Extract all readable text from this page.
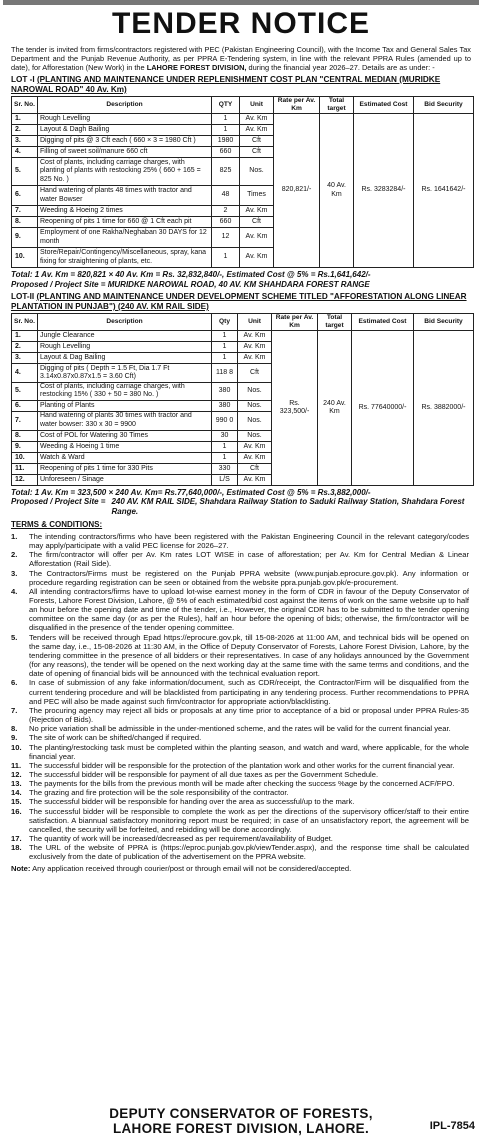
TENDER NOTICE

The tender is invited from firms/contractors registered with PEC (Pakistan Engineering Council), with the Income Tax and General Sales Tax Department and the Punjab Revenue Authority, as per PPRA E-Tendering system, in line with the relevant PPRA Rules (amended up to date), for Afforestation (New Work) in the LAHORE FOREST DIVISION, during the financial year 2026–27. Details are as under: -

LOT -I (PLANTING AND MAINTENANCE UNDER REPLENISHMENT COST PLAN "CENTRAL MEDIAN (MURIDKE NAROWAL ROAD" 40 Av. Km)
Sr. No.	Description	QTY	Unit	Rate per Av. Km	Total target	Estimated Cost	Bid Security
1.	Rough Levelling	1	Av. Km	820,821/-	40 Av. Km	Rs. 3283284/-	Rs. 1641642/-
2.	Layout & Dagh Bailing	1	Av. Km				
3.	Digging of pits @ 3 Cft each ( 660 × 3 = 1980 Cft )	1980	Cft				
4.	Filling of sweet soil/manure 660 cft	660	Cft				
5.	Cost of plants, including carriage charges, with planting of plants with restocking 25% ( 660 + 165 = 825 No. )	825	Nos.				
6.	Hand watering of plants 48 times with tractor and water Bowser	48	Times				
7.	Weeding & Hoeing 2 times	2	Av. Km				
8.	Reopening of pits 1 time for 660 @ 1 Cft each pit	660	Cft				
9.	Employment of one Rakha/Neghaban 30 DAYS for 12 month	12	Av. Km				
10.	Store/Repair/Contingency/Miscellaneous, spray, kana fixing for straightening of plants, etc.	1	Av. Km				
Total: 1 Av. Km = 820,821 × 40 Av. Km = Rs. 32,832,840/-, Estimated Cost @ 5% = Rs.1,641,642/-
Proposed / Project Site = MURIDKE NAROWAL ROAD, 40 AV. KM SHAHDARA FOREST RANGE
LOT-II (PLANTING AND MAINTENANCE UNDER DEVELOPMENT SCHEME TITLED "AFFORESTATION ALONG LINEAR PLANTATION IN PUNJAB") (240 AV. KM RAIL SIDE)
Sr. No.	Description	Qty	Unit	Rate per Av. Km	Total target	Estimated Cost	Bid Security
1.	Jungle Clearance	1	Av. Km	Rs. 323,500/-	240 Av. Km	Rs. 77640000/-	Rs. 3882000/-
2.	Rough Levelling	1	Av. Km				
3.	Layout & Dag Bailing	1	Av. Km				
4.	Digging of pits ( Depth = 1.5 Ft, Dia 1.7 Ft 3.14x0.87x0.87x1.5 = 3.60 Cft)	118 8	Cft				
5.	Cost of plants, including carriage charges, with restocking 15% ( 330 + 50 = 380 No. )	380	Nos.				
6.	Planting of Plants	380	Nos.				
7.	Hand watering of plants 30 times with tractor and water bowser: 330 x 30 = 9900	990 0	Nos.				
8.	Cost of POL for Watering 30 Times	30	Nos.				
9.	Weeding & Hoeing 1 time	1	Av. Km				
10.	Watch & Ward	1	Av. Km				
11.	Reopening of pits 1 time for 330 Pits	330	Cft				
12.	Unforeseen / Sinage	L/S	Av. Km				
Total: 1 Av. Km = 323,500 × 240 Av. Km= Rs.77,640,000/-, Estimated Cost @ 5% = Rs.3,882,000/-
Proposed / Project Site = 240 AV. KM RAIL SIDE, Shahdara Railway Station to Saduki Railway Station, Shahdara Forest Range.
TERMS & CONDITIONS:
1.	The intending contractors/firms who have been registered with the Pakistan Engineering Council in the relevant category/codes may apply/participate with a valid PEC license for 2026–27.
2.	The firm/contractor will offer per Av. Km rates LOT WISE in case of afforestation; per Av. Km for Central Median & Linear Afforestation (Rail Side).
3.	The Contractors/Firms must be registered on the Punjab PPRA website (www.punjab.eprocure.gov.pk). Any information or procedure regarding registration can be seen or obtained from the website ppra.punjab.gov.pk/e-procurement.
4.	All intending contractors/firms have to upload lot-wise earnest money in the form of CDR in favour of the Deputy Conservator of Forests, Lahore Forest Division, Lahore, @ 5% of each estimated/bid cost against the items of work on the same website up to half an hour before the opening date and time of the tender, i.e., However, the original CDR has to be submitted to the tender opening committee on the same day (or as per the Rules), half an hour before the opening of bids; otherwise, the firm/contractor will be disqualified in the presence of the tender opening committee.
5.	Tenders will be received through Epad https://eprocure.gov.pk, till 15-08-2026 at 11:00 AM, and technical bids will be opened on the same day, i.e., 15-08-2026 at 11:30 AM, in the Office of Deputy Conservator of Forests, Lahore Forest Division, Lahore, by the tendering committee in the presence of all bidders or their representatives. In case of any holidays announced by the Government (for any reasons), the tender will be opened on the next working day at the same time with the same terms and conditions, and the date of opening of financial bids will be announced with the technical evaluation report.
6.	In case of submission of any fake information/document, such as CDR/receipt, the Contractor/Firm will be disqualified from the current tendering procedure and will be blacklisted from participating in any tendering process. Further recommendations to PPRA and PEC will also be made against such firm/contractor for appropriate action/blacklisting.
7.	The procuring agency may reject all bids or proposals at any time prior to acceptance of a bid or proposal under PPRA Rules-35 (Rejection of Bids).
8.	No price variation shall be admissible in the under-mentioned scheme, and the rates will be valid for the current financial year.
9.	The site of work can be shifted/changed if required.
10. The planting/restocking task must be completed within the planting season, and watch and ward, where applicable, for the whole financial year.
11.	The successful bidder will be responsible for the protection of the plantation work and other works for the current financial year.
12. The successful bidder will be responsible for payment of all due taxes as per the Government Schedule.
13. The payments for the bills from the previous month will be made after checking the success %age by the concerned ACF/FPO.
14. The grazing and fire protection will be the sole responsibility of the contractor.
15. The successful bidder will be responsible for handing over the area as successful/up to the mark.
16. The successful bidder will be responsible to complete the work as per the directions of the supervisory officer/staff to their entire satisfaction. A biannual satisfactory monitoring report must be required; in case of an unsatisfactory report, the agreement will be cancelled, the security will be forfeited, and rebidding will be done accordingly.
17. The quantity of work will be increased/decreased as per requirement/availability of Budget.
18. The URL of the website of PPRA is (https://eproc.punjab.gov.pk/viewTender.aspx), and the response time shall be calculated exclusively from the date of publication of the advertisement on the PPRA website.

Note: Any application received through courier/post or through email will not be considered/accepted.

DEPUTY CONSERVATOR OF FORESTS,
LAHORE FOREST DIVISION, LAHORE.	IPL-7854
